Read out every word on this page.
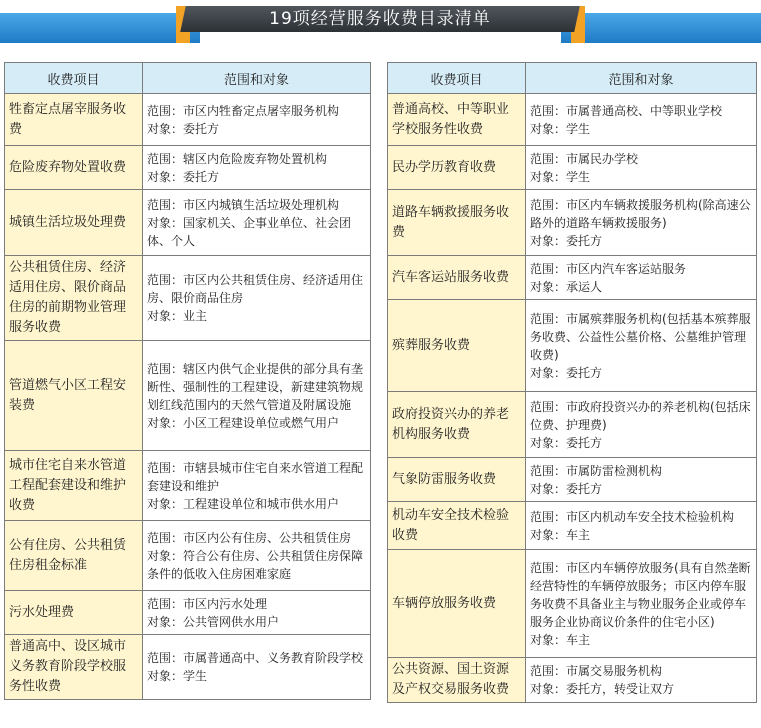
19项经营服务收费目录清单
收费项目	范围和对象
牲畜定点屠宰服务收费	范围：市区内牲畜定点屠宰服务机构
对象：委托方

危险废弃物处置收费	范围：辖区内危险废弃物处置机构
对象：委托方

城镇生活垃圾处理费	范围：市区内城镇生活垃圾处理机构
对象：国家机关、企事业单位、社会团体、个人

公共租赁住房、经济适用住房、限价商品住房的前期物业管理服务收费	范围：市区内公共租赁住房、经济适用住房、限价商品住房
对象：业主

管道燃气小区工程安装费	范围：辖区内供气企业提供的部分具有垄断性、强制性的工程建设，新建建筑物规划红线范围内的天然气管道及附属设施
对象：小区工程建设单位或燃气用户

城市住宅自来水管道工程配套建设和维护收费	范围：市辖县城市住宅自来水管道工程配套建设和维护
对象：工程建设单位和城市供水用户

公有住房、公共租赁住房租金标准	范围：市区内公有住房、公共租赁住房
对象：符合公有住房、公共租赁住房保障条件的低收入住房困难家庭

污水处理费	范围：市区内污水处理
对象：公共管网供水用户

普通高中、设区城市义务教育阶段学校服务性收费	范围：市属普通高中、义务教育阶段学校
对象：学生
收费项目	范围和对象
普通高校、中等职业学校服务性收费	范围：市属普通高校、中等职业学校
对象：学生

民办学历教育收费	范围：市属民办学校
对象：学生

道路车辆救援服务收费	范围：市区内车辆救援服务机构(除高速公路外的道路车辆救援服务)
对象：委托方

汽车客运站服务收费	范围：市区内汽车客运站服务
对象：承运人

殡葬服务收费	范围：市属殡葬服务机构(包括基本殡葬服务收费、公益性公墓价格、公墓维护管理收费)
对象：委托方

政府投资兴办的养老机构服务收费	范围：市政府投资兴办的养老机构(包括床位费、护理费)
对象：委托方

气象防雷服务收费	范围：市属防雷检测机构
对象：委托方

机动车安全技术检验收费	范围：市区内机动车安全技术检验机构
对象：车主

车辆停放服务收费	范围：市区内车辆停放服务(具有自然垄断经营特性的车辆停放服务；市区内停车服务收费不具备业主与物业服务企业或停车服务企业协商议价条件的住宅小区)
对象：车主

公共资源、国土资源及产权交易服务收费	范围：市属交易服务机构
对象：委托方，转受让双方
